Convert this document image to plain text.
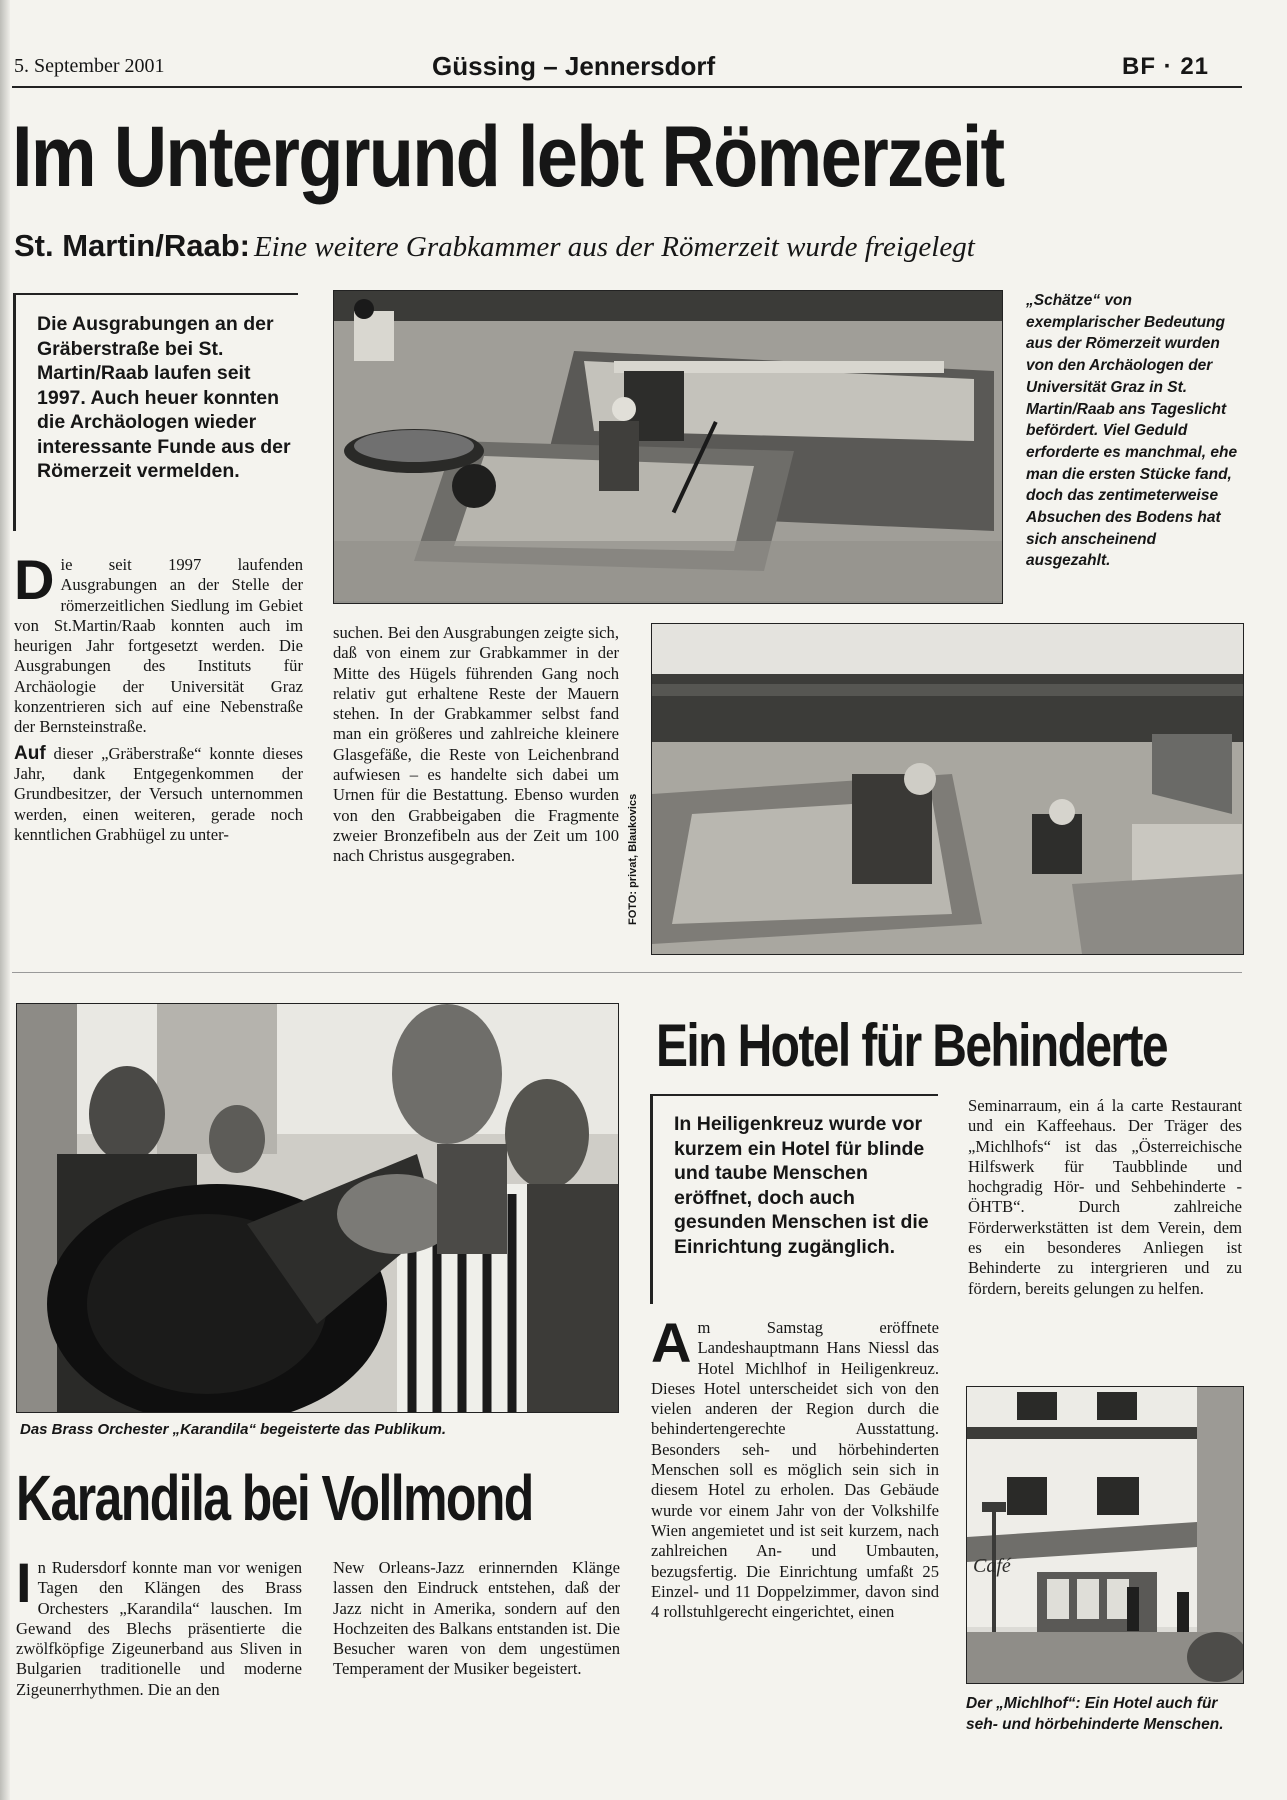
5. September 2001	Güssing – Jennersdorf	BF · 21
Im Untergrund lebt Römerzeit
St. Martin/Raab: Eine weitere Grabkammer aus der Römerzeit wurde freigelegt
Die Ausgrabungen an der Gräberstraße bei St. Martin/Raab laufen seit 1997. Auch heuer konnten die Archäologen wieder interessante Funde aus der Römerzeit vermelden.
„Schätze“ von exemplarischer Bedeutung aus der Römerzeit wurden von den Archäologen der Universität Graz in St. Martin/Raab ans Tageslicht befördert. Viel Geduld erforderte es manchmal, ehe man die ersten Stücke fand, doch das zentimeterweise Absuchen des Bodens hat sich anscheinend ausgezahlt.
Die seit 1997 laufenden Ausgrabungen an der Stelle der römerzeitlichen Siedlung im Gebiet von St.Martin/Raab konnten auch im heurigen Jahr fortgesetzt werden. Die Ausgrabungen des Instituts für Archäologie der Universität Graz konzentrieren sich auf eine Nebenstraße der Bernsteinstraße.
Auf dieser „Gräberstraße“ konnte dieses Jahr, dank Entgegenkommen der Grundbesitzer, der Versuch unternommen werden, einen weiteren, gerade noch kenntlichen Grabhügel zu unter-
suchen. Bei den Ausgrabungen zeigte sich, daß von einem zur Grabkammer in der Mitte des Hügels führenden Gang noch relativ gut erhaltene Reste der Mauern stehen. In der Grabkammer selbst fand man ein größeres und zahlreiche kleinere Glasgefäße, die Reste von Leichenbrand aufwiesen – es handelte sich dabei um Urnen für die Bestattung. Ebenso wurden von den Grabbeigaben die Fragmente zweier Bronzefibeln aus der Zeit um 100 nach Christus ausgegraben.	FOTO: privat, Blaukovics
Das Brass Orchester „Karandila“ begeisterte das Publikum.
Karandila bei Vollmond
In Rudersdorf konnte man vor wenigen Tagen den Klängen des Brass Orchesters „Karandila“ lauschen. Im Gewand des Blechs präsentierte die zwölfköpfige Zigeunerband aus Sliven in Bulgarien traditionelle und moderne Zigeunerrhythmen. Die an den
New Orleans-Jazz erinnernden Klänge lassen den Eindruck entstehen, daß der Jazz nicht in Amerika, sondern auf den Hochzeiten des Balkans entstanden ist. Die Besucher waren von dem ungestümen Temperament der Musiker begeistert.
Ein Hotel für Behinderte
In Heiligenkreuz wurde vor kurzem ein Hotel für blinde und taube Menschen eröffnet, doch auch gesunden Menschen ist die Einrichtung zugänglich.
Am Samstag eröffnete Landeshauptmann Hans Niessl das Hotel Michlhof in Heiligenkreuz. Dieses Hotel unterscheidet sich von den vielen anderen der Region durch die behindertengerechte Ausstattung. Besonders seh- und hörbehinderten Menschen soll es möglich sein sich in diesem Hotel zu erholen. Das Gebäude wurde vor einem Jahr von der Volkshilfe Wien angemietet und ist seit kurzem, nach zahlreichen An- und Umbauten, bezugsfertig. Die Einrichtung umfaßt 25 Einzel- und 11 Doppelzimmer, davon sind 4 rollstuhlgerecht eingerichtet, einen
Seminarraum, ein á la carte Restaurant und ein Kaffeehaus. Der Träger des „Michlhofs“ ist das „Österreichische Hilfswerk für Taubblinde und hochgradig Hör- und Sehbehinderte - ÖHTB“. Durch zahlreiche Förderwerkstätten ist dem Verein, dem es ein besonderes Anliegen ist Behinderte zu intergrieren und zu fördern, bereits gelungen zu helfen.
Café
Der „Michlhof“: Ein Hotel auch für seh- und hörbehinderte Menschen.
